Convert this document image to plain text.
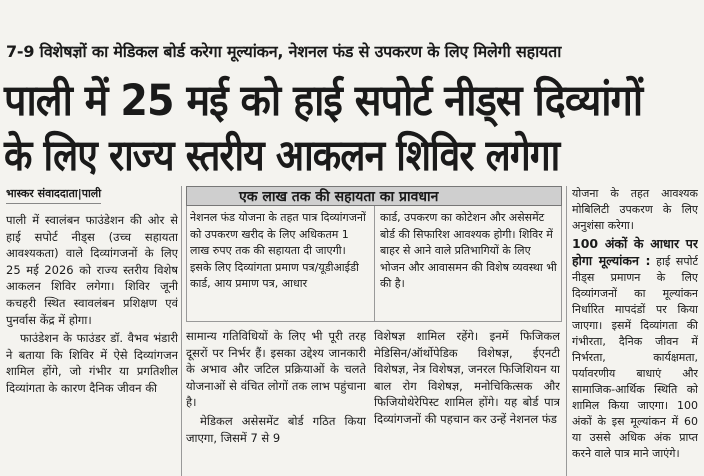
7-9 विशेषज्ञों का मेडिकल बोर्ड करेगा मूल्यांकन, नेशनल फंड से उपकरण के लिए मिलेगी सहायता
पाली में 25 मई को हाई सपोर्ट नीड्स दिव्यांगों
के लिए राज्य स्तरीय आकलन शिविर लगेगा
भास्कर संवाददाता|पाली

पाली में स्वालंबन फाउंडेशन की ओर से हाई सपोर्ट नीड्स (उच्च सहायता आवश्यकता) वाले दिव्यांगजनों के लिए 25 मई 2026 को राज्य स्तरीय विशेष आकलन शिविर लगेगा। शिविर जूनी कचहरी स्थित स्वावलंबन प्रशिक्षण एवं पुनर्वास केंद्र में होगा।

फाउंडेशन के फाउंडर डॉ. वैभव भंडारी ने बताया कि शिविर में ऐसे दिव्यांगजन शामिल होंगे, जो गंभीर या प्रगतिशील दिव्यांगता के कारण दैनिक जीवन की

एक लाख तक की सहायता का प्रावधान
नेशनल फंड योजना के तहत पात्र दिव्यांगजनों को उपकरण खरीद के लिए अधिकतम 1 लाख रुपए तक की सहायता दी जाएगी। इसके लिए दिव्यांगता प्रमाण पत्र/यूडीआईडी कार्ड, आय प्रमाण पत्र, आधार
कार्ड, उपकरण का कोटेशन और असेसमेंट बोर्ड की सिफारिश आवश्यक होगी। शिविर में बाहर से आने वाले प्रतिभागियों के लिए भोजन और आवासमन की विशेष व्यवस्था भी की है।

सामान्य गतिविधियों के लिए भी पूरी तरह दूसरों पर निर्भर हैं। इसका उद्देश्य जानकारी के अभाव और जटिल प्रक्रियाओं के चलते योजनाओं से वंचित लोगों तक लाभ पहुंचाना है।

मेडिकल असेसमेंट बोर्ड गठित किया जाएगा, जिसमें 7 से 9

विशेषज्ञ शामिल रहेंगे। इनमें फिजिकल मेडिसिन/ऑर्थोपेडिक विशेषज्ञ, ईएनटी विशेषज्ञ, नेत्र विशेषज्ञ, जनरल फिजिशियन या बाल रोग विशेषज्ञ, मनोचिकित्सक और फिजियोथेरेपिस्ट शामिल होंगे। यह बोर्ड पात्र दिव्यांगजनों की पहचान कर उन्हें नेशनल फंड

योजना के तहत आवश्यक मोबिलिटी उपकरण के लिए अनुशंसा करेगा।

100 अंकों के आधार पर होगा मूल्यांकन : हाई सपोर्ट नीड्स प्रमाणन के लिए दिव्यांगजनों का मूल्यांकन निर्धारित मापदंडों पर किया जाएगा। इसमें दिव्यांगता की गंभीरता, दैनिक जीवन में निर्भरता, कार्यक्षमता, पर्यावरणीय बाधाएं और सामाजिक-आर्थिक स्थिति को शामिल किया जाएगा। 100 अंकों के इस मूल्यांकन में 60 या उससे अधिक अंक प्राप्त करने वाले पात्र माने जाएंगे।
